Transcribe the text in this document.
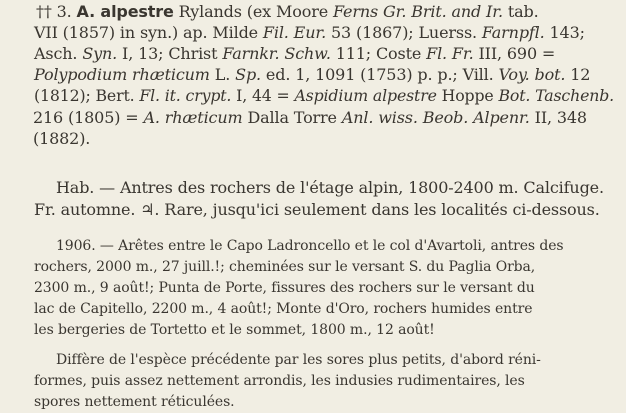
†† 3. A. alpestre Rylands (ex Moore Ferns Gr. Brit. and Ir. tab.
VII (1857) in syn.) ap. Milde Fil. Eur. 53 (1867); Luerss. Farnpfl. 143;
Asch. Syn. I, 13; Christ Farnkr. Schw. 111; Coste Fl. Fr. III, 690 =
Polypodium rhæticum L. Sp. ed. 1, 1091 (1753) p. p.; Vill. Voy. bot. 12
(1812); Bert. Fl. it. crypt. I, 44 = Aspidium alpestre Hoppe Bot. Taschenb.
216 (1805) = A. rhæticum Dalla Torre Anl. wiss. Beob. Alpenr. II, 348
(1882).
Hab. — Antres des rochers de l'étage alpin, 1800-2400 m. Calcifuge.
Fr. automne. ♃. Rare, jusqu'ici seulement dans les localités ci-dessous.
1906. — Arêtes entre le Capo Ladroncello et le col d'Avartoli, antres des
rochers, 2000 m., 27 juill.!; cheminées sur le versant S. du Paglia Orba,
2300 m., 9 août!; Punta de Porte, fissures des rochers sur le versant du
lac de Capitello, 2200 m., 4 août!; Monte d'Oro, rochers humides entre
les bergeries de Tortetto et le sommet, 1800 m., 12 août!
Diffère de l'espèce précédente par les sores plus petits, d'abord réni-
formes, puis assez nettement arrondis, les indusies rudimentaires, les
spores nettement réticulées.
